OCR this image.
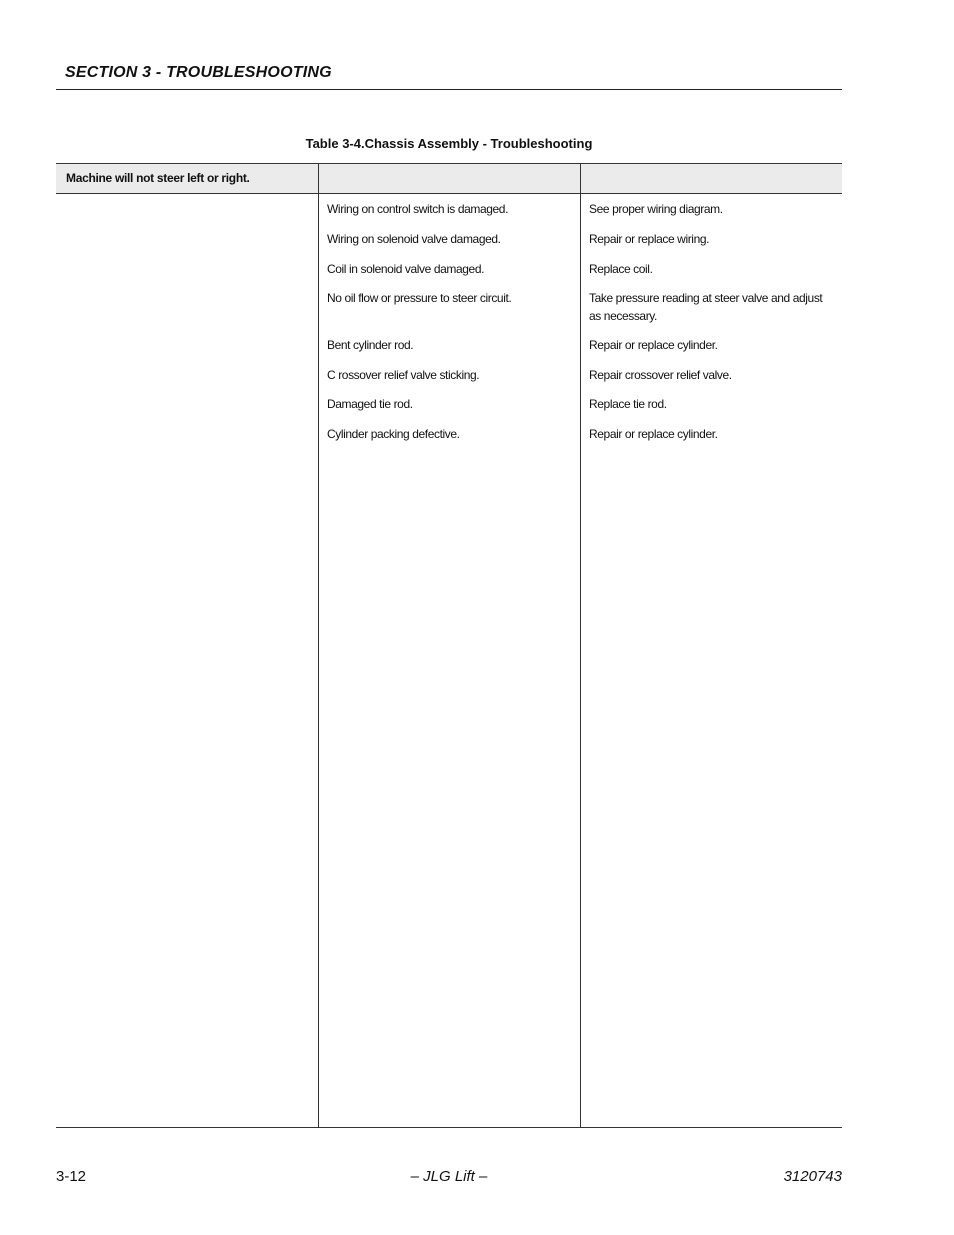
SECTION 3 - TROUBLESHOOTING
Table 3-4.Chassis Assembly - Troubleshooting
Machine will not steer left or right.
Wiring on control switch is damaged.	See proper wiring diagram.
Wiring on solenoid valve damaged.	Repair or replace wiring.
Coil in solenoid valve damaged.	Replace coil.
No oil flow or pressure to steer circuit.	Take pressure reading at steer valve and adjust as necessary.
Bent cylinder rod.	Repair or replace cylinder.
C rossover relief valve sticking.	Repair crossover relief valve.
Damaged tie rod.	Replace tie rod.
Cylinder packing defective.	Repair or replace cylinder.
3-12	– JLG Lift –	3120743
